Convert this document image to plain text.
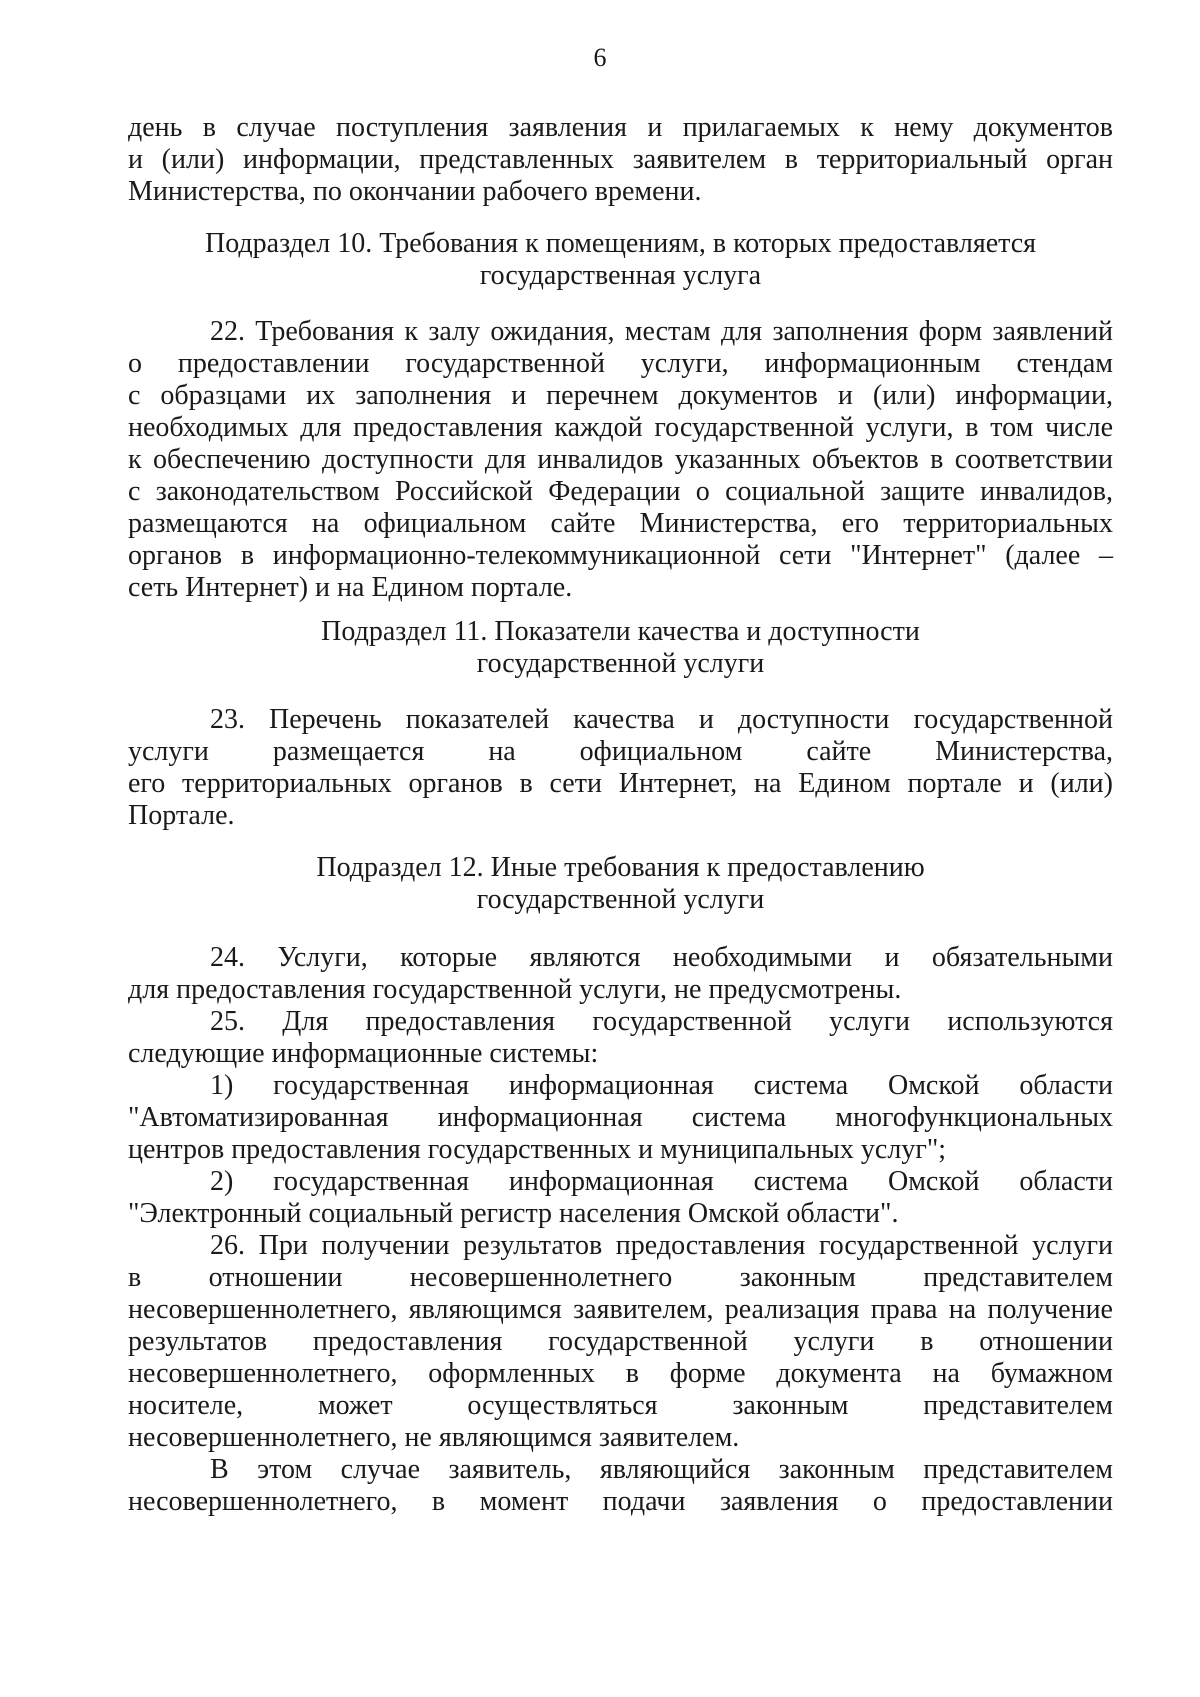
6
день в случае поступления заявления и прилагаемых к нему документов
и (или) информации, представленных заявителем в территориальный орган
Министерства, по окончании рабочего времени.
Подраздел 10. Требования к помещениям, в которых предоставляется
государственная услуга
22. Требования к залу ожидания, местам для заполнения форм заявлений
о предоставлении государственной услуги, информационным стендам
с образцами их заполнения и перечнем документов и (или) информации,
необходимых для предоставления каждой государственной услуги, в том числе
к обеспечению доступности для инвалидов указанных объектов в соответствии
с законодательством Российской Федерации о социальной защите инвалидов,
размещаются на официальном сайте Министерства, его территориальных
органов в информационно-телекоммуникационной сети "Интернет" (далее –
сеть Интернет) и на Едином портале.
Подраздел 11. Показатели качества и доступности
государственной услуги
23. Перечень показателей качества и доступности государственной
услуги размещается на официальном сайте Министерства,
его территориальных органов в сети Интернет, на Едином портале и (или)
Портале.
Подраздел 12. Иные требования к предоставлению
государственной услуги
24. Услуги, которые являются необходимыми и обязательными
для предоставления государственной услуги, не предусмотрены.
25. Для предоставления государственной услуги используются
следующие информационные системы:
1) государственная информационная система Омской области
"Автоматизированная информационная система многофункциональных
центров предоставления государственных и муниципальных услуг";
2) государственная информационная система Омской области
"Электронный социальный регистр населения Омской области".
26. При получении результатов предоставления государственной услуги
в отношении несовершеннолетнего законным представителем
несовершеннолетнего, являющимся заявителем, реализация права на получение
результатов предоставления государственной услуги в отношении
несовершеннолетнего, оформленных в форме документа на бумажном
носителе, может осуществляться законным представителем
несовершеннолетнего, не являющимся заявителем.
В этом случае заявитель, являющийся законным представителем
несовершеннолетнего, в момент подачи заявления о предоставлении
